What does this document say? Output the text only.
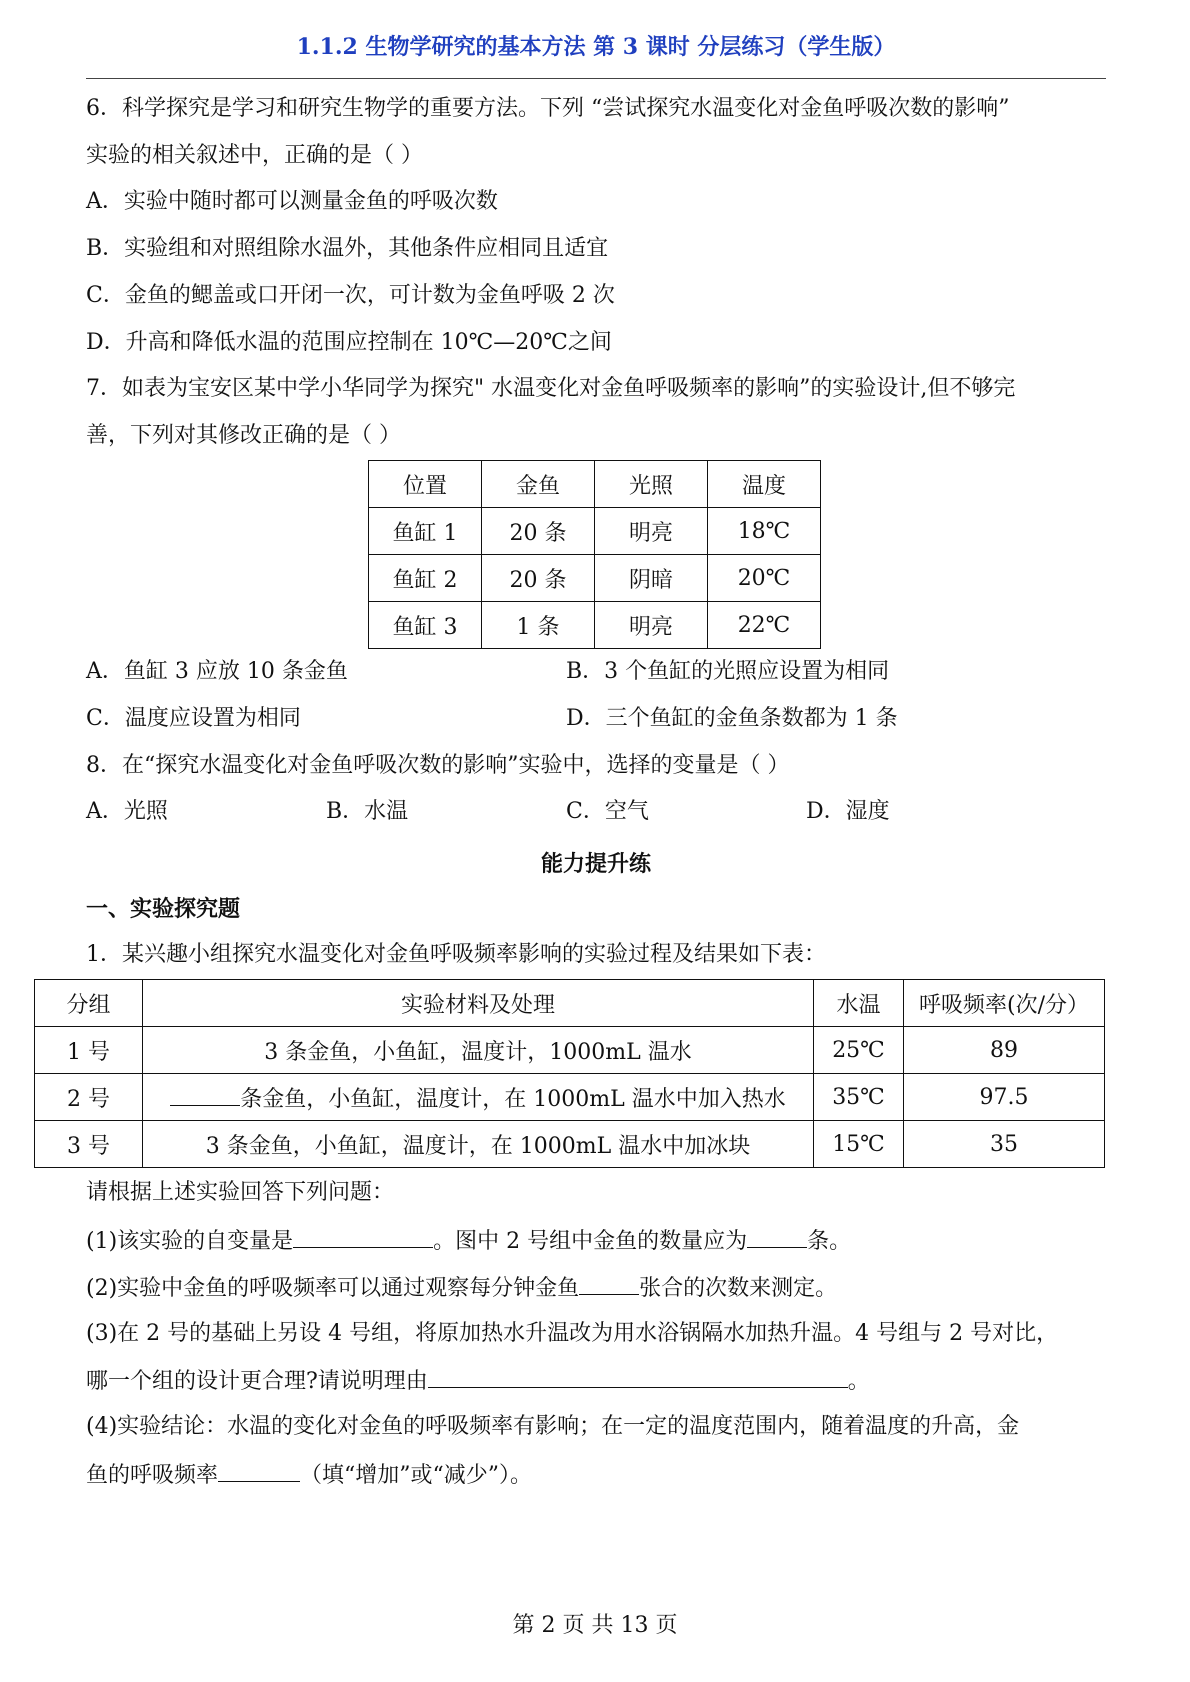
1.1.2 生物学研究的基本方法 第 3 课时 分层练习（学生版）
6．科学探究是学习和研究生物学的重要方法。下列 “尝试探究水温变化对金鱼呼吸次数的影响”
实验的相关叙述中，正确的是（ ）
A．实验中随时都可以测量金鱼的呼吸次数
B．实验组和对照组除水温外，其他条件应相同且适宜
C．金鱼的鳃盖或口开闭一次，可计数为金鱼呼吸 2 次
D．升高和降低水温的范围应控制在 10℃—20℃之间
7．如表为宝安区某中学小华同学为探究" 水温变化对金鱼呼吸频率的影响”的实验设计,但不够完
善，下列对其修改正确的是（ ）
位置	金鱼	光照	温度
鱼缸 1	20 条	明亮	18℃
鱼缸 2	20 条	阴暗	20℃
鱼缸 3	1 条	明亮	22℃
A．鱼缸 3 应放 10 条金鱼	B．3 个鱼缸的光照应设置为相同
C．温度应设置为相同	D．三个鱼缸的金鱼条数都为 1 条
8．在“探究水温变化对金鱼呼吸次数的影响”实验中，选择的变量是（ ）
A．光照	B．水温	C．空气	D．湿度
能力提升练
一、实验探究题
1．某兴趣小组探究水温变化对金鱼呼吸频率影响的实验过程及结果如下表：
分组	实验材料及处理	水温	呼吸频率(次/分）
1 号	3 条金鱼，小鱼缸，温度计，1000mL 温水	25℃	89
2 号	条金鱼，小鱼缸，温度计，在 1000mL 温水中加入热水	35℃	97.5
3 号	3 条金鱼，小鱼缸，温度计，在 1000mL 温水中加冰块	15℃	35
请根据上述实验回答下列问题：
(1)该实验的自变量是	。图中 2 号组中金鱼的数量应为	条。
(2)实验中金鱼的呼吸频率可以通过观察每分钟金鱼	张合的次数来测定。
(3)在 2 号的基础上另设 4 号组，将原加热水升温改为用水浴锅隔水加热升温。4 号组与 2 号对比，
哪一个组的设计更合理?请说明理由	。
(4)实验结论：水温的变化对金鱼的呼吸频率有影响；在一定的温度范围内，随着温度的升高，金
鱼的呼吸频率	（填“增加”或“减少”）。
第 2 页 共 13 页
